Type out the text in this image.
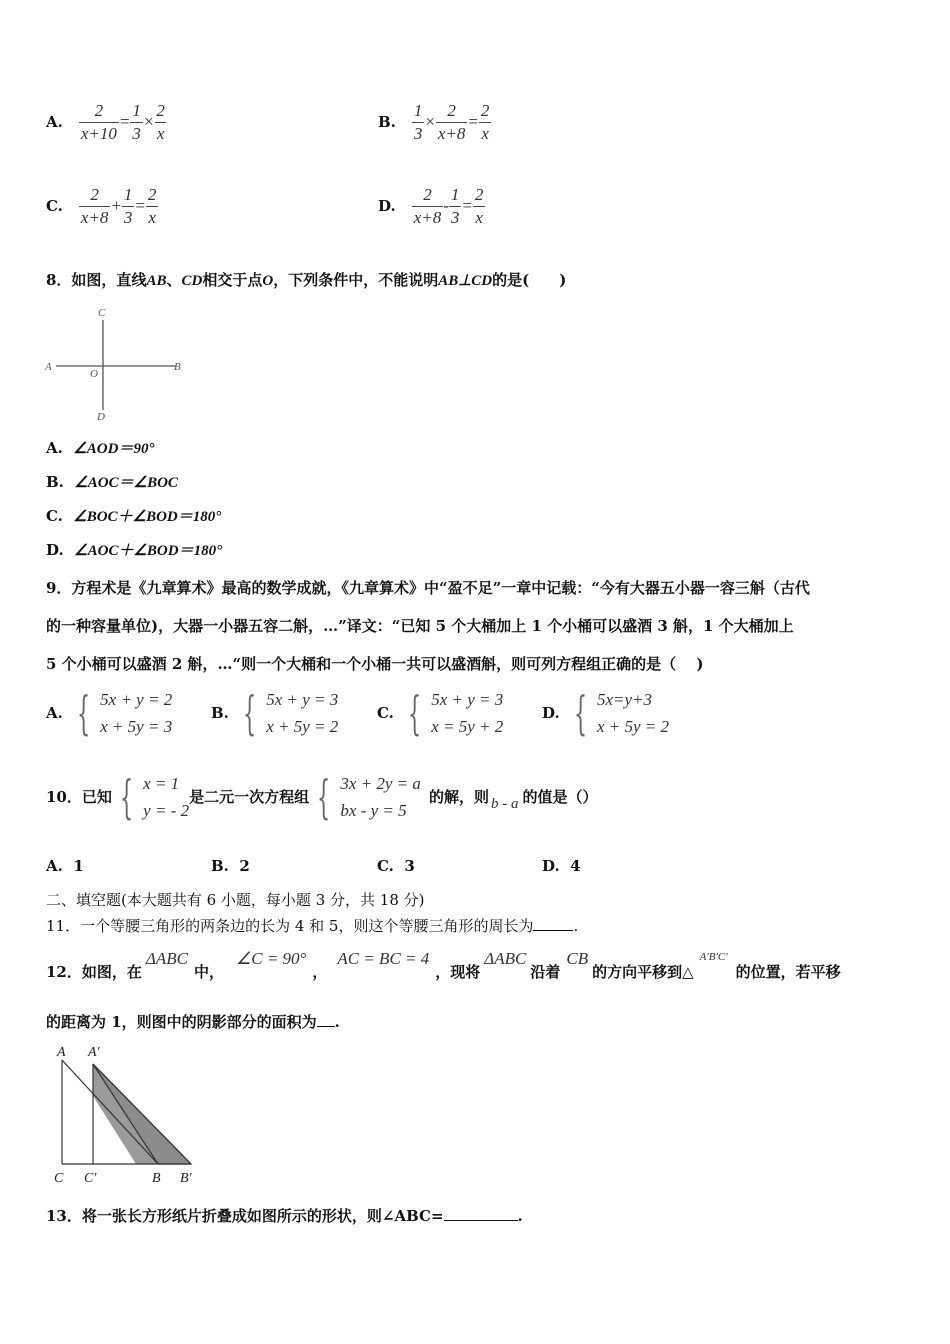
A. $\frac{2}{x+10} = \frac{1}{3} \times \frac{2}{x}$	B. $\frac{1}{3} \times \frac{2}{x+8} = \frac{2}{x}$
C. $\frac{2}{x+8} + \frac{1}{3} = \frac{2}{x}$	D. $\frac{2}{x+8} - \frac{1}{3} = \frac{2}{x}$
8．如图，直线AB、CD相交于点O，下列条件中，不能说明AB⊥CD的是(　　)
C
A
O
B
D
A. ∠AOD＝90°
B. ∠AOC＝∠BOC
C. ∠BOC＋∠BOD＝180°
D. ∠AOC＋∠BOD＝180°
9．方程术是《九章算术》最高的数学成就，《九章算术》中“盈不足”一章中记载：“今有大器五小器一容三斛（古代
的一种容量单位)，大器一小器五容二斛，…”译文：“已知 5 个大桶加上 1 个小桶可以盛酒 3 斛，1 个大桶加上
5 个小桶可以盛酒 2 斛，…“则一个大桶和一个小桶一共可以盛酒斛，则可列方程组正确的是（　 )
A. { 5x + y = 2
x + 5y = 3
B. { 5x + y = 3
x + 5y = 2
C. { 5x + y = 3
x = 5y + 2
D. { 5x=y+3
x + 5y = 2
10．已知 { x = 1
y = - 2
是二元一次方程组 { 3x + 2y = a
bx - y = 5
的解，则 b - a 的值是（）
A. 1	B. 2	C. 3	D. 4
二、填空题(本大题共有 6 小题，每小题 3 分，共 18 分)
11．一个等腰三角形的两条边的长为 4 和 5，则这个等腰三角形的周长为	.
12．如图，在
ΔABC
中，
∠C = 90°
，
AC = BC = 4
，现将
ΔABC
沿着
CB
的方向平移到△
A′B′C′
的位置，若平移
的距离为 1，则图中的阴影部分的面积为 .
A A′
C C′	B B′
13．将一张长方形纸片折叠成如图所示的形状，则∠ABC=	.
